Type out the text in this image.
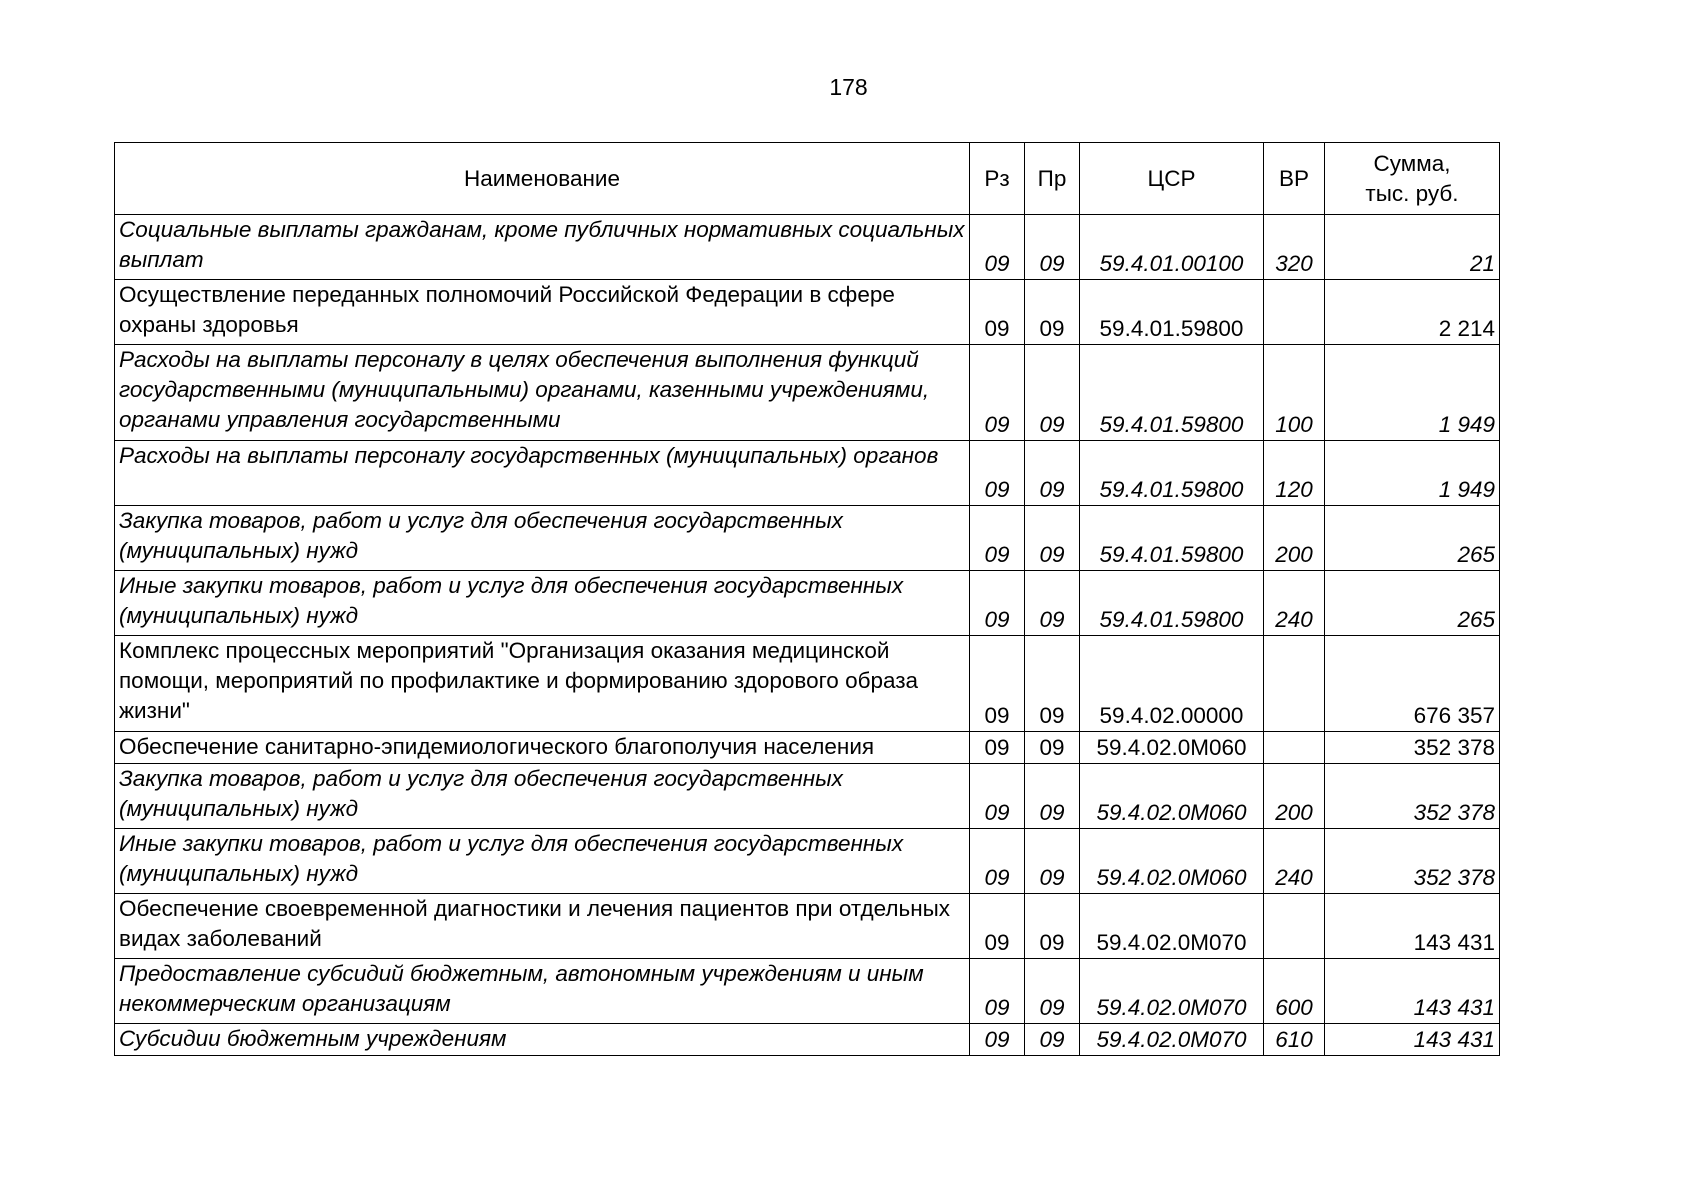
178
Наименование	Рз	Пр	ЦСР	ВР	Сумма,
тыс. руб.
Социальные выплаты гражданам, кроме публичных нормативных социальных выплат	09	09	59.4.01.00100	320	21
Осуществление переданных полномочий Российской Федерации в сфере охраны здоровья	09	09	59.4.01.59800		2 214
Расходы на выплаты персоналу в целях обеспечения выполнения функций государственными (муниципальными) органами, казенными учреждениями, органами управления государственными	09	09	59.4.01.59800	100	1 949
Расходы на выплаты персоналу государственных (муниципальных) органов	09	09	59.4.01.59800	120	1 949
Закупка товаров, работ и услуг для обеспечения государственных (муниципальных) нужд	09	09	59.4.01.59800	200	265
Иные закупки товаров, работ и услуг для обеспечения государственных (муниципальных) нужд	09	09	59.4.01.59800	240	265
Комплекс процессных мероприятий "Организация оказания медицинской помощи, мероприятий по профилактике и формированию здорового образа жизни"	09	09	59.4.02.00000		676 357
Обеспечение санитарно-эпидемиологического благополучия населения	09	09	59.4.02.0М060		352 378
Закупка товаров, работ и услуг для обеспечения государственных (муниципальных) нужд	09	09	59.4.02.0М060	200	352 378
Иные закупки товаров, работ и услуг для обеспечения государственных (муниципальных) нужд	09	09	59.4.02.0М060	240	352 378
Обеспечение своевременной диагностики и лечения пациентов при отдельных видах заболеваний	09	09	59.4.02.0М070		143 431
Предоставление субсидий бюджетным, автономным учреждениям и иным некоммерческим организациям	09	09	59.4.02.0М070	600	143 431
Субсидии бюджетным учреждениям	09	09	59.4.02.0М070	610	143 431
